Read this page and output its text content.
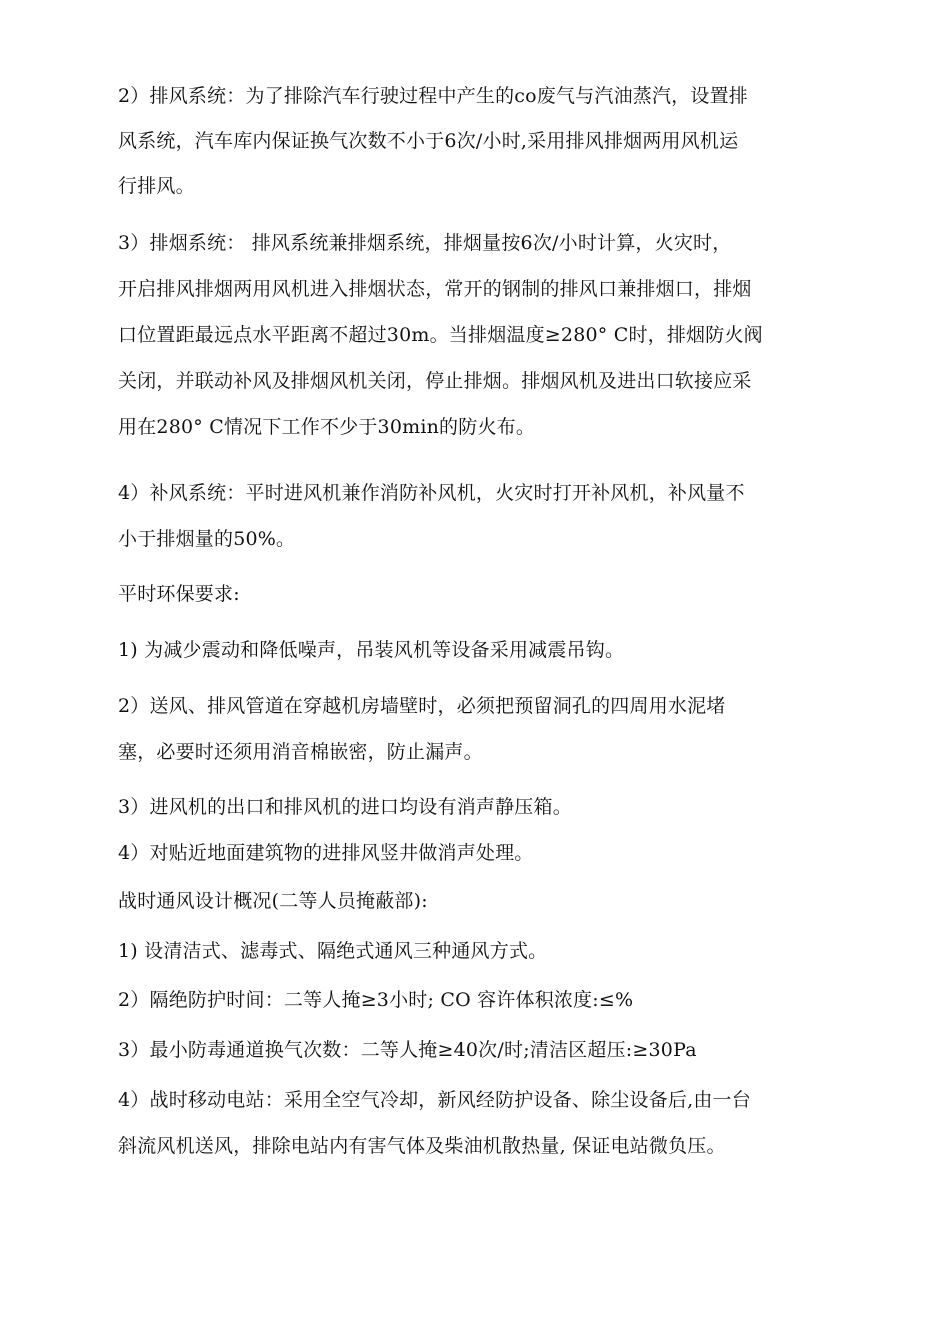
2）排风系统：为了排除汽车行驶过程中产生的co废气与汽油蒸汽，设置排
风系统，汽车库内保证换气次数不小于6次/小时,采用排风排烟两用风机运
行排风。
3）排烟系统： 排风系统兼排烟系统，排烟量按6次/小时计算，火灾时，
开启排风排烟两用风机进入排烟状态，常开的钢制的排风口兼排烟口，排烟
口位置距最远点水平距离不超过30m。当排烟温度≥280° C时，排烟防火阀
关闭，并联动补风及排烟风机关闭，停止排烟。排烟风机及进出口软接应采
用在280° C情况下工作不少于30min的防火布。
4）补风系统：平时进风机兼作消防补风机，火灾时打开补风机，补风量不
小于排烟量的50%。
平时环保要求:
1) 为减少震动和降低噪声，吊装风机等设备采用减震吊钩。
2）送风、排风管道在穿越机房墙壁时，必须把预留洞孔的四周用水泥堵
塞，必要时还须用消音棉嵌密，防止漏声。
3）进风机的出口和排风机的进口均设有消声静压箱。
4）对贴近地面建筑物的进排风竖井做消声处理。
战时通风设计概况(二等人员掩蔽部):
1) 设清洁式、滤毒式、隔绝式通风三种通风方式。
2）隔绝防护时间：二等人掩≥3小时; CO 容许体积浓度:≤%
3）最小防毒通道换气次数：二等人掩≥40次/时;清洁区超压:≥30Pa
4）战时移动电站：采用全空气冷却，新风经防护设备、除尘设备后,由一台
斜流风机送风，排除电站内有害气体及柴油机散热量, 保证电站微负压。
